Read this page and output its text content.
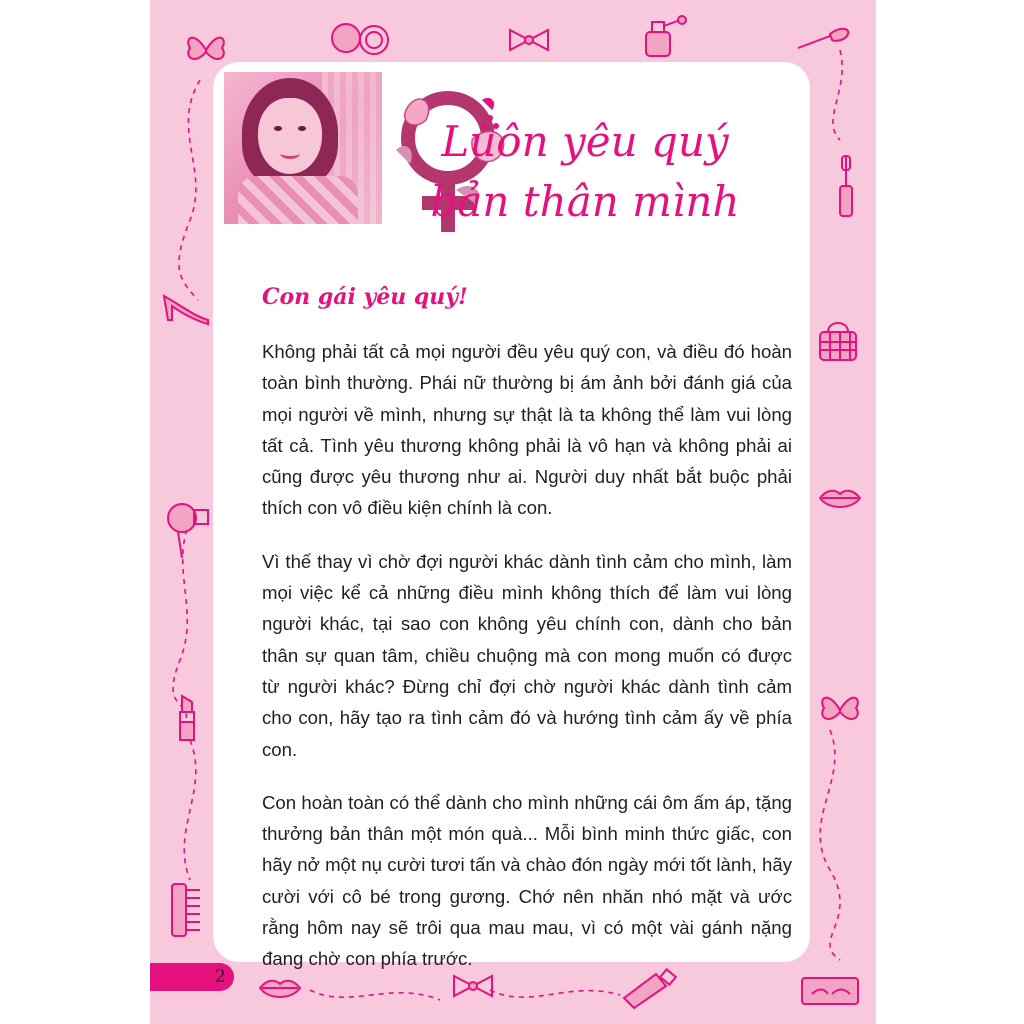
Luôn yêu quý
bản thân mình
Con gái yêu quý!

Không phải tất cả mọi người đều yêu quý con, và điều đó hoàn toàn bình thường. Phái nữ thường bị ám ảnh bởi đánh giá của mọi người về mình, nhưng sự thật là ta không thể làm vui lòng tất cả. Tình yêu thương không phải là vô hạn và không phải ai cũng được yêu thương như ai. Người duy nhất bắt buộc phải thích con vô điều kiện chính là con.

Vì thế thay vì chờ đợi người khác dành tình cảm cho mình, làm mọi việc kể cả những điều mình không thích để làm vui lòng người khác, tại sao con không yêu chính con, dành cho bản thân sự quan tâm, chiều chuộng mà con mong muốn có được từ người khác? Đừng chỉ đợi chờ người khác dành tình cảm cho con, hãy tạo ra tình cảm đó và hướng tình cảm ấy về phía con.

Con hoàn toàn có thể dành cho mình những cái ôm ấm áp, tặng thưởng bản thân một món quà... Mỗi bình minh thức giấc, con hãy nở một nụ cười tươi tấn và chào đón ngày mới tốt lành, hãy cười với cô bé trong gương. Chớ nên nhăn nhó mặt và ước rằng hôm nay sẽ trôi qua mau mau, vì có một vài gánh nặng đang chờ con phía trước.

2
